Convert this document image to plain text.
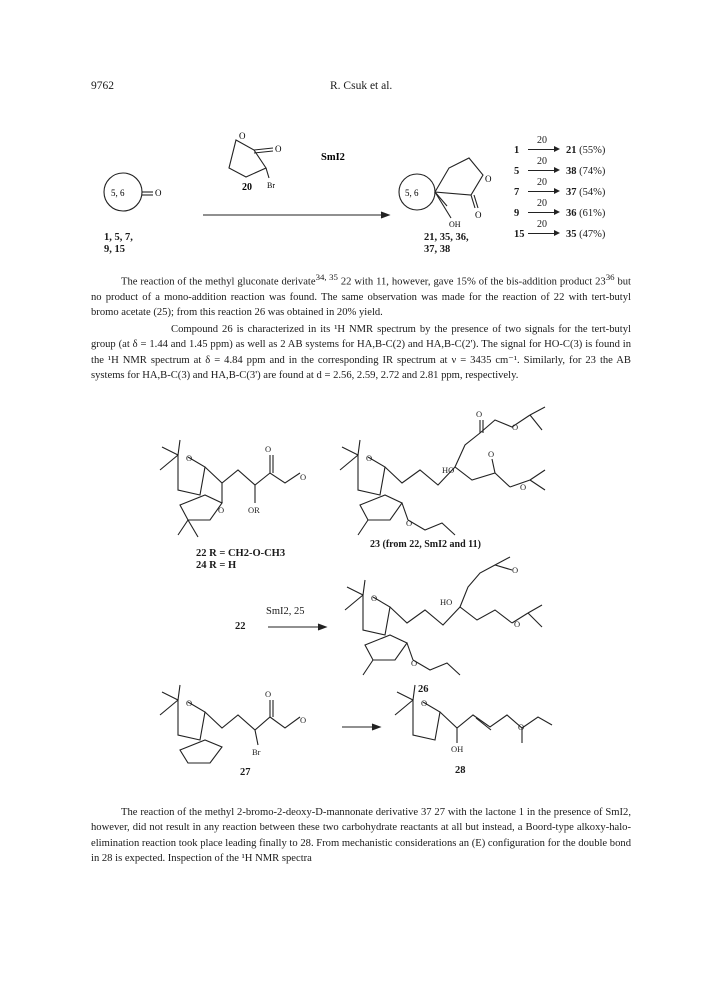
9762	R. Csuk et al.
O
O
Br
20
SmI2
5, 6	O	5, 6
O
O
OH
1, 5, 7,
9, 15
21, 35, 36,
37, 38
1
20
→ 21 (55%)
5
20
→ 38 (74%)
7
20
→ 37 (54%)
9
20
→ 36 (61%)
15
20
→ 35 (47%)

The reaction of the methyl gluconate derivate$^{34, 35}$ 22 with 11, however, gave 15% of the bis-addition product $23^{36}$ but no product of a mono-addition reaction was found. The same observation was made for the reaction of 22 with tert-butyl bromo acetate (25); from this reaction 26 was obtained in 20% yield.

Compound 26 is characterized in its ¹H NMR spectrum by the presence of two signals for the tert-butyl group (at δ = 1.44 and 1.45 ppm) as well as 2 AB systems for HA,B-C(2) and HA,B-C(2'). The signal for HO-C(3) is found in the ¹H NMR spectrum at δ = 4.84 ppm and in the corresponding IR spectrum at ν = 3435 cm⁻¹. Similarly, for 23 the AB systems for HA,B-C(3) and HA,B-C(3') are found at d = 2.56, 2.59, 2.72 and 2.81 ppm, respectively.

O
O
O
OR
O
O
HO
O
O
O
O
O
O	HO
O
O
O
O
O
O
Br
O
O
OH
22 R = CH2-O-CH3
24 R = H
23 (from 22, SmI2 and 11)
22
SmI2, 25
26
27	28

The reaction of the methyl 2-bromo-2-deoxy-D-mannonate derivative 37 27 with the lactone 1 in the presence of SmI2, however, did not result in any reaction between these two carbohydrate reactants at all but instead, a Boord-type alkoxy-halo-elimination reaction took place leading finally to 28. From mechanistic considerations an (E) configuration for the double bond in 28 is expected. Inspection of the ¹H NMR spectra
